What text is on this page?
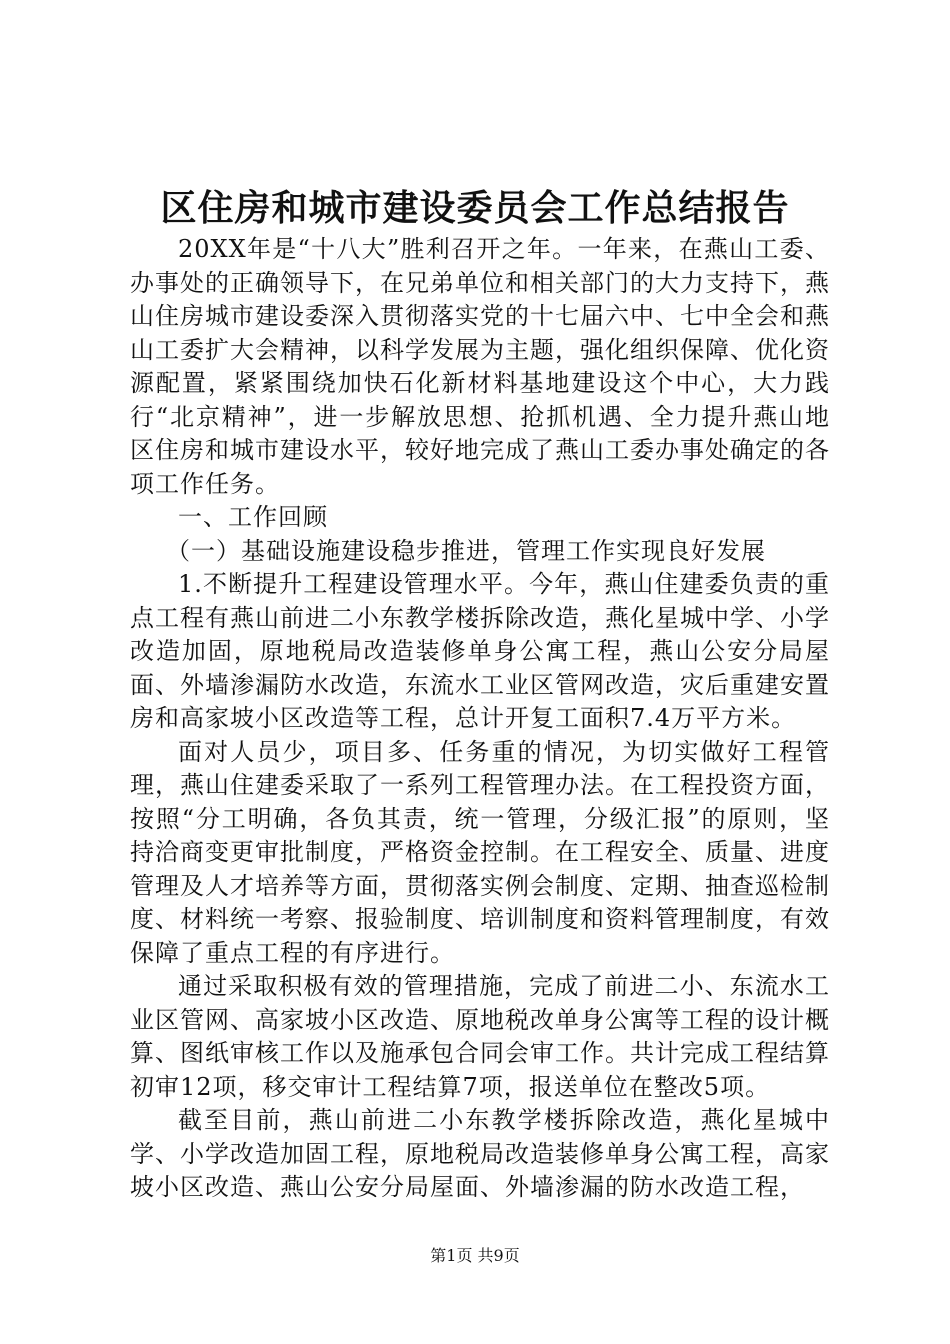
区住房和城市建设委员会工作总结报告

20XX年是“十八大”胜利召开之年。一年来，在燕山工委、办事处的正确领导下，在兄弟单位和相关部门的大力支持下，燕山住房城市建设委深入贯彻落实党的十七届六中、七中全会和燕山工委扩大会精神，以科学发展为主题，强化组织保障、优化资源配置，紧紧围绕加快石化新材料基地建设这个中心，大力践行“北京精神”，进一步解放思想、抢抓机遇、全力提升燕山地区住房和城市建设水平，较好地完成了燕山工委办事处确定的各项工作任务。

一、工作回顾

（一）基础设施建设稳步推进，管理工作实现良好发展

1.不断提升工程建设管理水平。今年，燕山住建委负责的重点工程有燕山前进二小东教学楼拆除改造，燕化星城中学、小学改造加固，原地税局改造装修单身公寓工程，燕山公安分局屋面、外墙渗漏防水改造，东流水工业区管网改造，灾后重建安置房和高家坡小区改造等工程，总计开复工面积7.4万平方米。

面对人员少，项目多、任务重的情况，为切实做好工程管理，燕山住建委采取了一系列工程管理办法。在工程投资方面，按照“分工明确，各负其责，统一管理，分级汇报”的原则，坚持洽商变更审批制度，严格资金控制。在工程安全、质量、进度管理及人才培养等方面，贯彻落实例会制度、定期、抽查巡检制度、材料统一考察、报验制度、培训制度和资料管理制度，有效保障了重点工程的有序进行。

通过采取积极有效的管理措施，完成了前进二小、东流水工业区管网、高家坡小区改造、原地税改单身公寓等工程的设计概算、图纸审核工作以及施承包合同会审工作。共计完成工程结算初审12项，移交审计工程结算7项，报送单位在整改5项。

截至目前，燕山前进二小东教学楼拆除改造，燕化星城中学、小学改造加固工程，原地税局改造装修单身公寓工程，高家坡小区改造、燕山公安分局屋面、外墙渗漏的防水改造工程，

第1页 共9页
